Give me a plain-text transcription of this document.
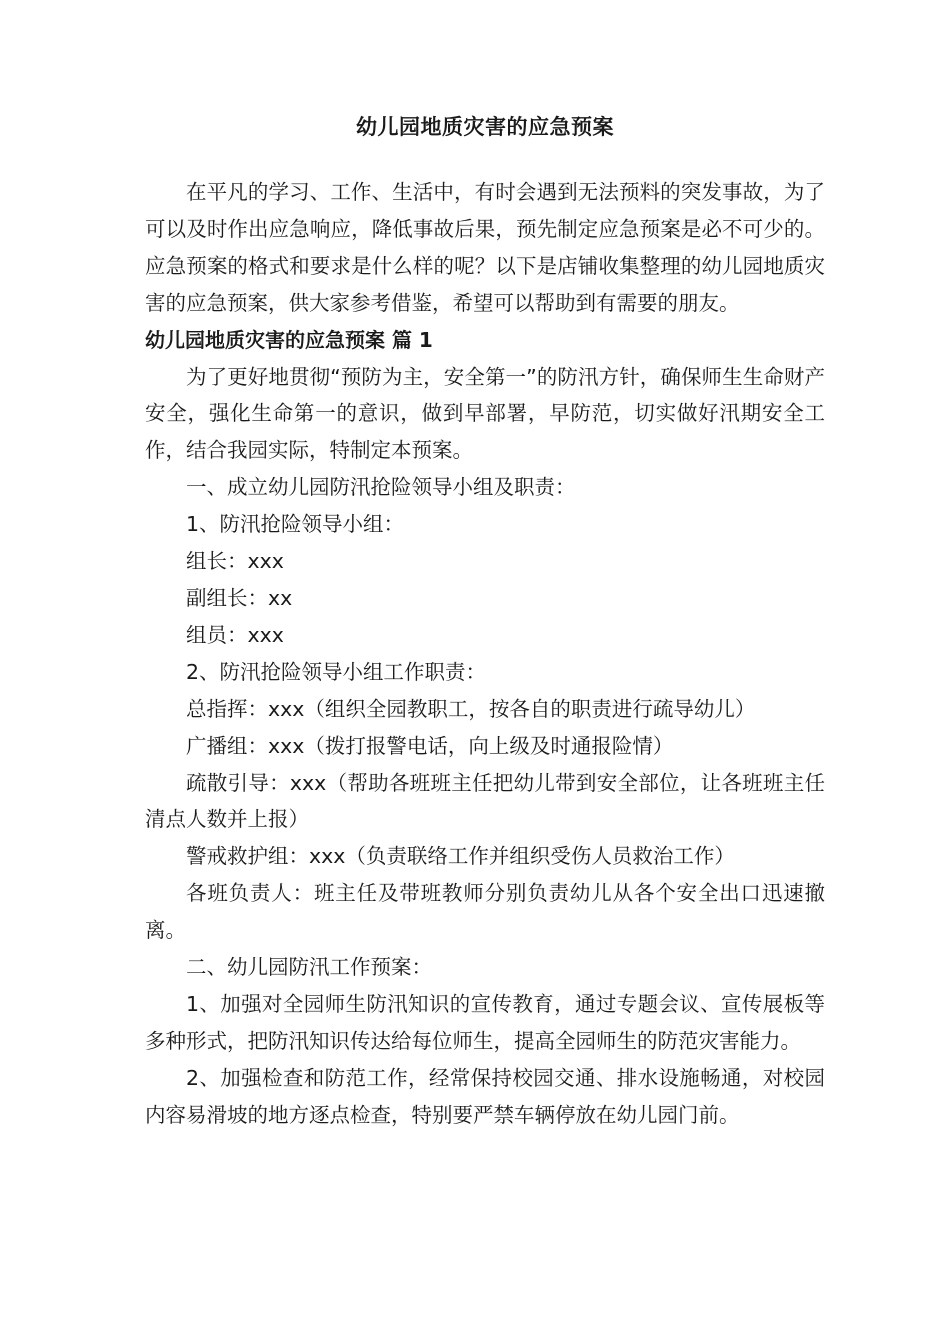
幼儿园地质灾害的应急预案

在平凡的学习、工作、生活中，有时会遇到无法预料的突发事故，为了可以及时作出应急响应，降低事故后果，预先制定应急预案是必不可少的。应急预案的格式和要求是什么样的呢？以下是店铺收集整理的幼儿园地质灾害的应急预案，供大家参考借鉴，希望可以帮助到有需要的朋友。

幼儿园地质灾害的应急预案 篇 1

为了更好地贯彻“预防为主，安全第一”的防汛方针，确保师生生命财产安全，强化生命第一的意识，做到早部署，早防范，切实做好汛期安全工作，结合我园实际，特制定本预案。

一、成立幼儿园防汛抢险领导小组及职责：

1、防汛抢险领导小组：

组长：xxx

副组长：xx

组员：xxx

2、防汛抢险领导小组工作职责：

总指挥：xxx（组织全园教职工，按各自的职责进行疏导幼儿）

广播组：xxx（拨打报警电话，向上级及时通报险情）

疏散引导：xxx（帮助各班班主任把幼儿带到安全部位，让各班班主任清点人数并上报）

警戒救护组：xxx（负责联络工作并组织受伤人员救治工作）

各班负责人：班主任及带班教师分别负责幼儿从各个安全出口迅速撤离。

二、幼儿园防汛工作预案：

1、加强对全园师生防汛知识的宣传教育，通过专题会议、宣传展板等多种形式，把防汛知识传达给每位师生，提高全园师生的防范灾害能力。

2、加强检查和防范工作，经常保持校园交通、排水设施畅通，对校园内容易滑坡的地方逐点检查，特别要严禁车辆停放在幼儿园门前。
